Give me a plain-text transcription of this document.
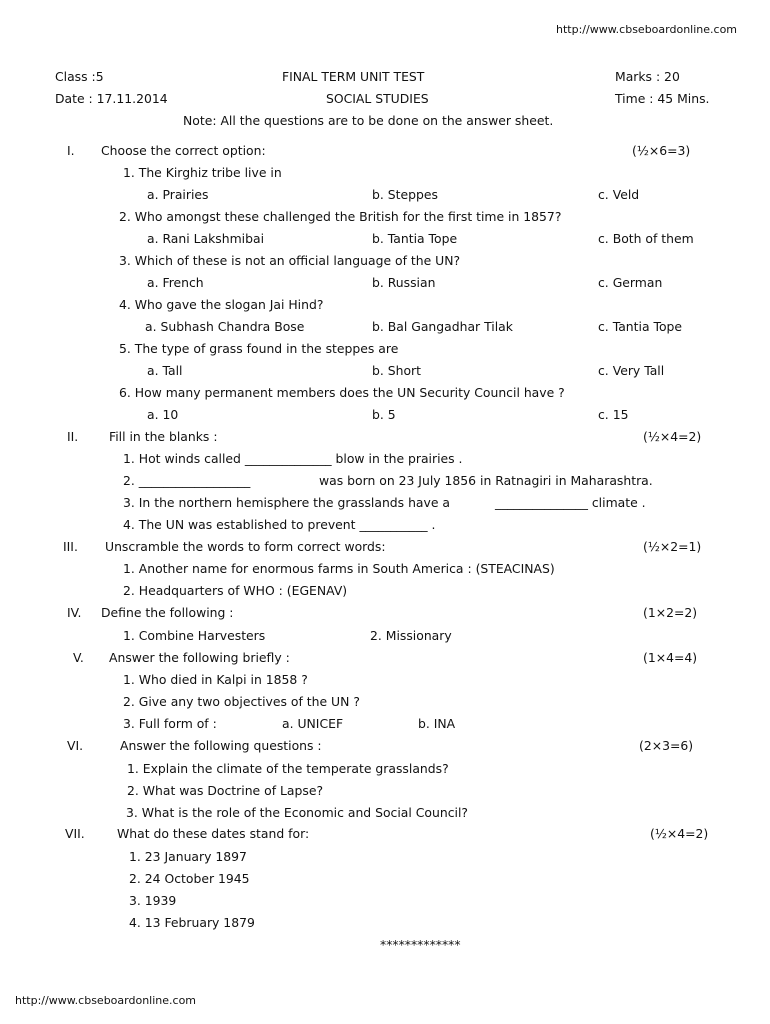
http://www.cbseboardonline.com
Class :5	FINAL TERM UNIT TEST	Marks : 20
Date : 17.11.2014	SOCIAL STUDIES	Time : 45 Mins.
Note: All the questions are to be done on the answer sheet.
I. Choose the correct option:	(½×6=3)
1. The Kirghiz tribe live in
a. Prairies	b. Steppes	c. Veld
2. Who amongst these challenged the British for the first time in 1857?
a. Rani Lakshmibai	b. Tantia Tope	c. Both of them
3. Which of these is not an official language of the UN?
a. French	b. Russian	c. German
4. Who gave the slogan Jai Hind?
a. Subhash Chandra Bose	b. Bal Gangadhar Tilak	c. Tantia Tope
5. The type of grass found in the steppes are
a. Tall	b. Short	c. Very Tall
6. How many permanent members does the UN Security Council have ?
a. 10	b. 5	c. 15
II. Fill in the blanks :	(½×4=2)
1. Hot winds called ______________ blow in the prairies .
2. __________________	was born on 23 July 1856 in Ratnagiri in Maharashtra.
3. In the northern hemisphere the grasslands have a	_______________ climate .
4. The UN was established to prevent ___________ .
III. Unscramble the words to form correct words:	(½×2=1)
1. Another name for enormous farms in South America : (STEACINAS)
2. Headquarters of WHO : (EGENAV)
IV. Define the following :	(1×2=2)
1. Combine Harvesters	2. Missionary
V. Answer the following briefly :	(1×4=4)
1. Who died in Kalpi in 1858 ?
2. Give any two objectives of the UN ?
3. Full form of :	a. UNICEF	b. INA
VI.	Answer the following questions :	(2×3=6)
1. Explain the climate of the temperate grasslands?
2. What was Doctrine of Lapse?
3. What is the role of the Economic and Social Council?
VII.	What do these dates stand for:	(½×4=2)
1. 23 January 1897
2. 24 October 1945
3. 1939
4. 13 February 1879
*************
http://www.cbseboardonline.com
